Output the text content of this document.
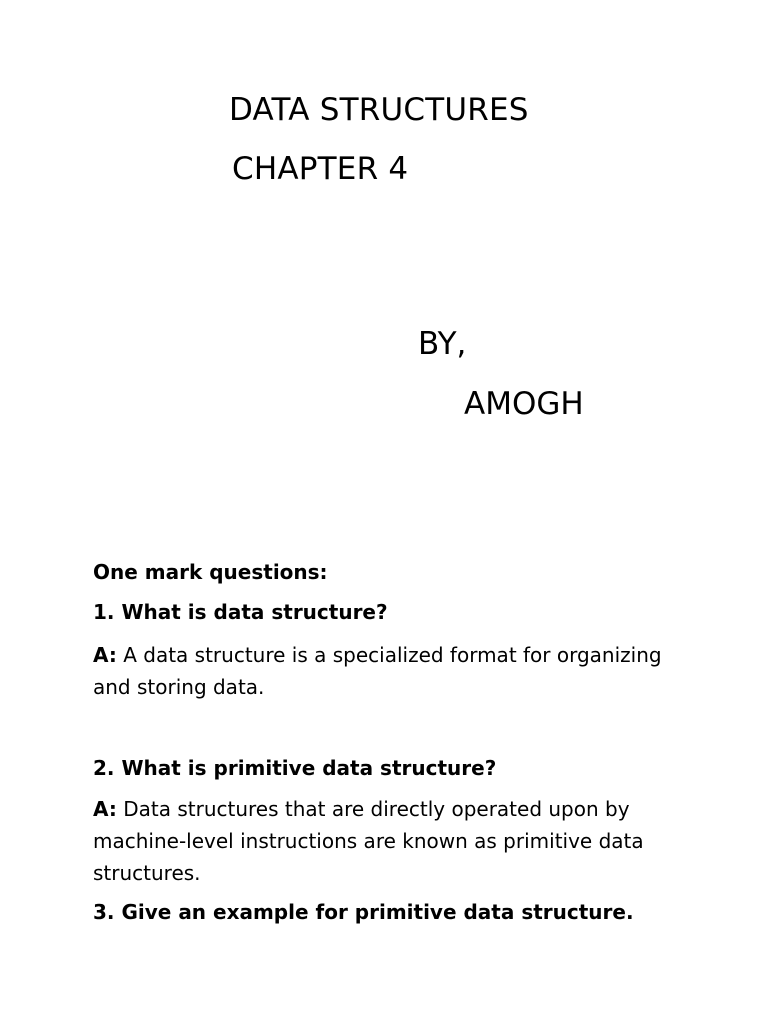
DATA STRUCTURES
CHAPTER 4
BY,
AMOGH
One mark questions:
1. What is data structure?
A: A data structure is a specialized format for organizing and storing data.
2. What is primitive data structure?
A: Data structures that are directly operated upon by machine-level instructions are known as primitive data structures.
3. Give an example for primitive data structure.
